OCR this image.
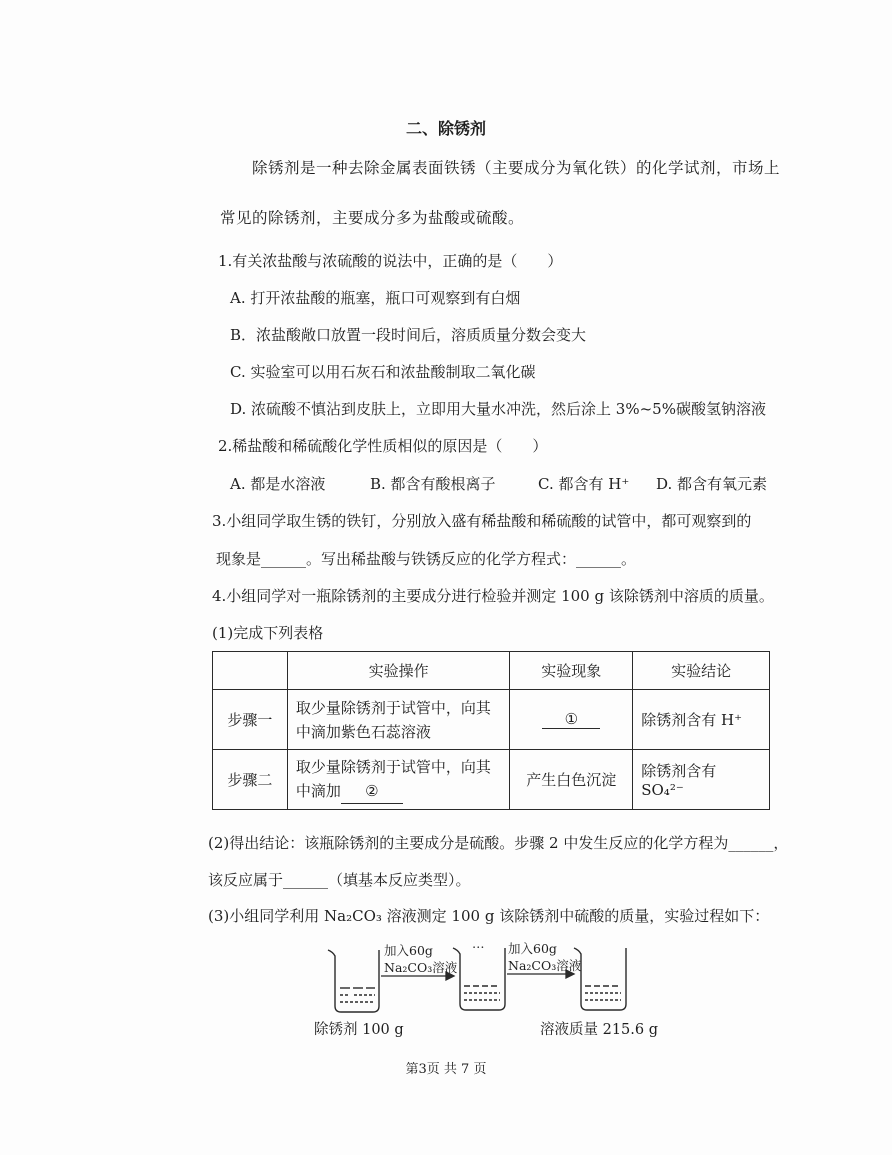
二、除锈剂
除锈剂是一种去除金属表面铁锈（主要成分为氧化铁）的化学试剂，市场上
常见的除锈剂，主要成分多为盐酸或硫酸。
1.有关浓盐酸与浓硫酸的说法中，正确的是（　　）
A. 打开浓盐酸的瓶塞，瓶口可观察到有白烟
B．浓盐酸敞口放置一段时间后，溶质质量分数会变大
C. 实验室可以用石灰石和浓盐酸制取二氧化碳
D. 浓硫酸不慎沾到皮肤上，立即用大量水冲洗，然后涂上 3%~5%碳酸氢钠溶液
2.稀盐酸和稀硫酸化学性质相似的原因是（　　）
A. 都是水溶液	B. 都含有酸根离子	C. 都含有 H⁺ D. 都含有氧元素
3.小组同学取生锈的铁钉，分别放入盛有稀盐酸和稀硫酸的试管中，都可观察到的
现象是______。写出稀盐酸与铁锈反应的化学方程式：______。
4.小组同学对一瓶除锈剂的主要成分进行检验并测定 100 g 该除锈剂中溶质的质量。
(1)完成下列表格
	实验操作	实验现象	实验结论
步骤一	取少量除锈剂于试管中，向其
中滴加紫色石蕊溶液	①	除锈剂含有 H⁺
步骤二	取少量除锈剂于试管中，向其
中滴加 ②	产生白色沉淀	除锈剂含有 SO₄²⁻
(2)得出结论：该瓶除锈剂的主要成分是硫酸。步骤 2 中发生反应的化学方程为______，
该反应属于______（填基本反应类型）。
(3)小组同学利用 Na₂CO₃ 溶液测定 100 g 该除锈剂中硫酸的质量，实验过程如下：
加入60g
Na₂CO₃溶液
… 加入60g
Na₂CO₃溶液
除锈剂 100 g	溶液质量 215.6 g
第3页 共 7 页
